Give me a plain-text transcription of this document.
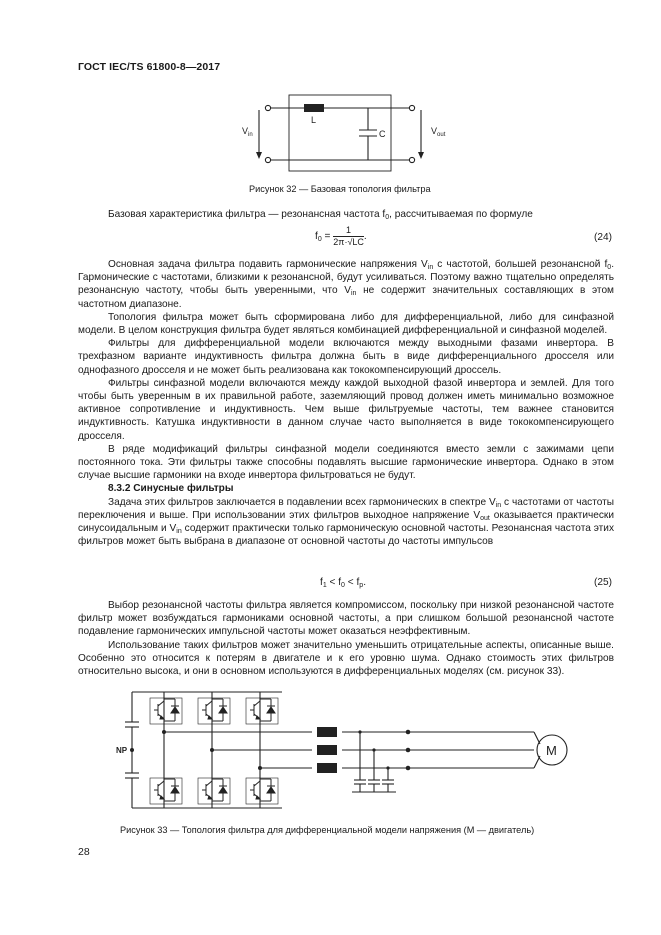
ГОСТ IEC/TS 61800-8—2017
L
C
$V_{in}$	$V_{out}$
Рисунок 32 — Базовая топология фильтра

Базовая характеристика фильтра — резонансная частота $f_0$, рассчитываемая по формуле

$f_0 = \frac{1}{2\pi\cdot√LC}$ .	(24)

Основная задача фильтра подавить гармонические напряжения $V_{in}$ с частотой, большей резонансной $f_0$. Гармонические с частотами, близкими к резонансной, будут усиливаться. Поэтому важно тщательно определять резонансную частоту, чтобы быть уверенными, что $V_{in}$ не содержит значительных составляющих в этом частотном диапазоне.

Топология фильтра может быть сформирована либо для дифференциальной, либо для синфазной модели. В целом конструкция фильтра будет являться комбинацией дифференциальной и синфазной моделей.

Фильтры для дифференциальной модели включаются между выходными фазами инвертора. В трехфазном варианте индуктивность фильтра должна быть в виде дифференциального дросселя или однофазного дросселя и не может быть реализована как тококомпенсирующий дроссель.

Фильтры синфазной модели включаются между каждой выходной фазой инвертора и землей. Для того чтобы быть уверенным в их правильной работе, заземляющий провод должен иметь минимально возможное активное сопротивление и индуктивность. Чем выше фильтруемые частоты, тем важнее становится индуктивность. Катушка индуктивности в данном случае часто выполняется в виде тококомпенсирующего дросселя.

В ряде модификаций фильтры синфазной модели соединяются вместо земли с зажимами цепи постоянного тока. Эти фильтры также способны подавлять высшие гармонические инвертора. Однако в этом случае высшие гармоники на входе инвертора фильтроваться не будут.

8.3.2 Синусные фильтры

Задача этих фильтров заключается в подавлении всех гармонических в спектре $V_{in}$ с частотами от частоты переключения и выше. При использовании этих фильтров выходное напряжение $V_{out}$ оказывается практически синусоидальным и $V_{in}$ содержит практически только гармоническую основной частоты. Резонансная частота этих фильтров может быть выбрана в диапазоне от основной частоты до частоты импульсов

$f_1 < f_0 < f_p$.	(25)

Выбор резонансной частоты фильтра является компромиссом, поскольку при низкой резонансной частоте фильтр может возбуждаться гармониками основной частоты, а при слишком большой резонансной частоте подавление гармонических импульсной частоты может оказаться неэффективным.

Использование таких фильтров может значительно уменьшить отрицательные аспекты, описанные выше. Особенно это относится к потерям в двигателе и к его уровню шума. Однако стоимость этих фильтров относительно высока, и они в основном используются в дифференциальных моделях (см. рисунок 33).

NP	M
Рисунок 33 — Топология фильтра для дифференциальной модели напряжения (М — двигатель)
28
